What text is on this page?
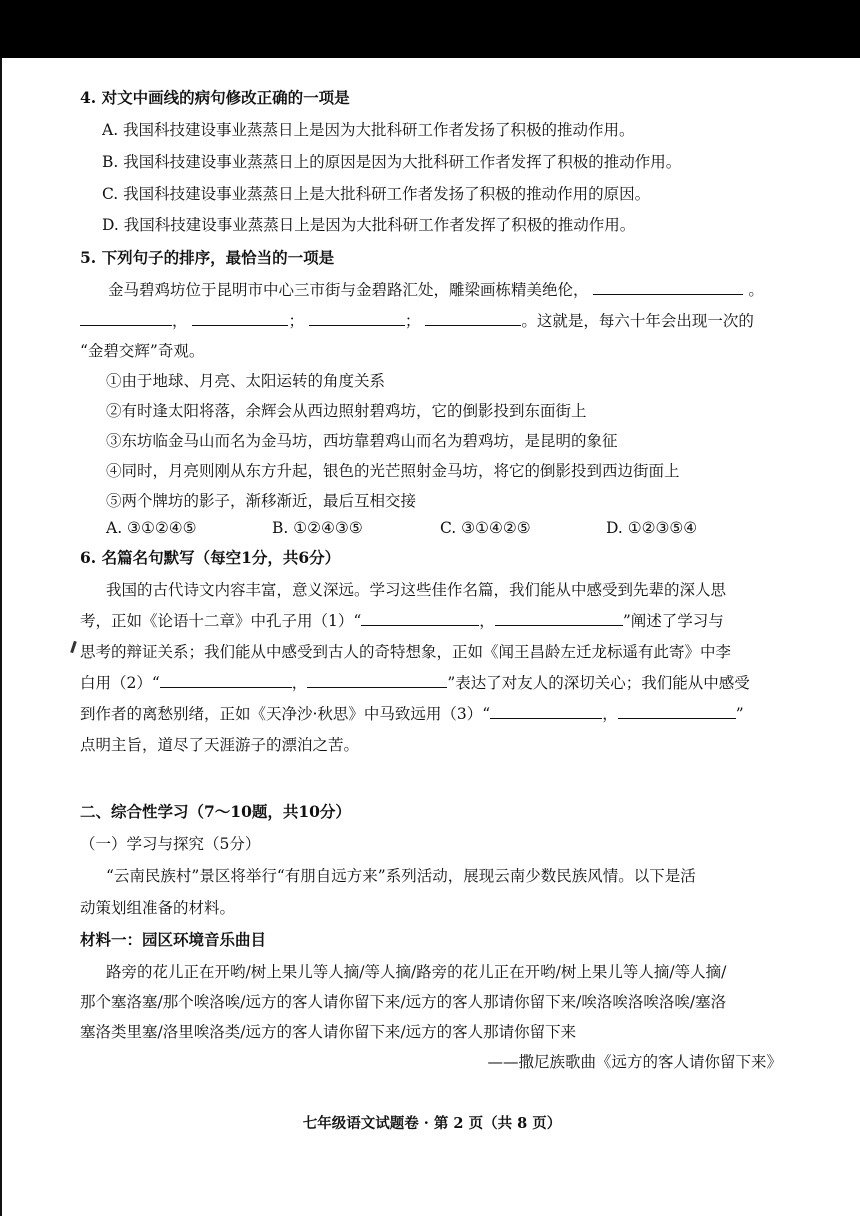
4. 对文中画线的病句修改正确的一项是
A. 我国科技建设事业蒸蒸日上是因为大批科研工作者发扬了积极的推动作用。
B. 我国科技建设事业蒸蒸日上的原因是因为大批科研工作者发挥了积极的推动作用。
C. 我国科技建设事业蒸蒸日上是大批科研工作者发扬了积极的推动作用的原因。
D. 我国科技建设事业蒸蒸日上是因为大批科研工作者发挥了积极的推动作用。
5. 下列句子的排序，最恰当的一项是
金马碧鸡坊位于昆明市中心三市街与金碧路汇处，雕梁画栋精美绝伦，	。
，	；	；	。这就是，每六十年会出现一次的
“金碧交辉”奇观。
①由于地球、月亮、太阳运转的角度关系
②有时逢太阳将落，余辉会从西边照射碧鸡坊，它的倒影投到东面街上
③东坊临金马山而名为金马坊，西坊靠碧鸡山而名为碧鸡坊，是昆明的象征
④同时，月亮则刚从东方升起，银色的光芒照射金马坊，将它的倒影投到西边街面上
⑤两个牌坊的影子，渐移渐近，最后互相交接
A. ③①②④⑤	B. ①②④③⑤	C. ③①④②⑤	D. ①②③⑤④
6. 名篇名句默写（每空1分，共6分）
我国的古代诗文内容丰富，意义深远。学习这些佳作名篇，我们能从中感受到先辈的深人思
考，正如《论语十二章》中孔子用（1）“	，	”阐述了学习与
思考的辩证关系；我们能从中感受到古人的奇特想象，正如《闻王昌龄左迁龙标遥有此寄》中李
白用（2）“	，	”表达了对友人的深切关心；我们能从中感受
到作者的离愁别绪，正如《天净沙·秋思》中马致远用（3）“	，	”
点明主旨，道尽了天涯游子的漂泊之苦。
二、综合性学习（7～10题，共10分）
（一）学习与探究（5分）
“云南民族村”景区将举行“有朋自远方来”系列活动，展现云南少数民族风情。以下是活
动策划组准备的材料。
材料一：园区环境音乐曲目
路旁的花儿正在开哟/树上果儿等人摘/等人摘/路旁的花儿正在开哟/树上果儿等人摘/等人摘/
那个塞洛塞/那个唉洛唉/远方的客人请你留下来/远方的客人那请你留下来/唉洛唉洛唉洛唉/塞洛
塞洛类里塞/洛里唉洛类/远方的客人请你留下来/远方的客人那请你留下来
——撒尼族歌曲《远方的客人请你留下来》
七年级语文试题卷 · 第 2 页（共 8 页）
